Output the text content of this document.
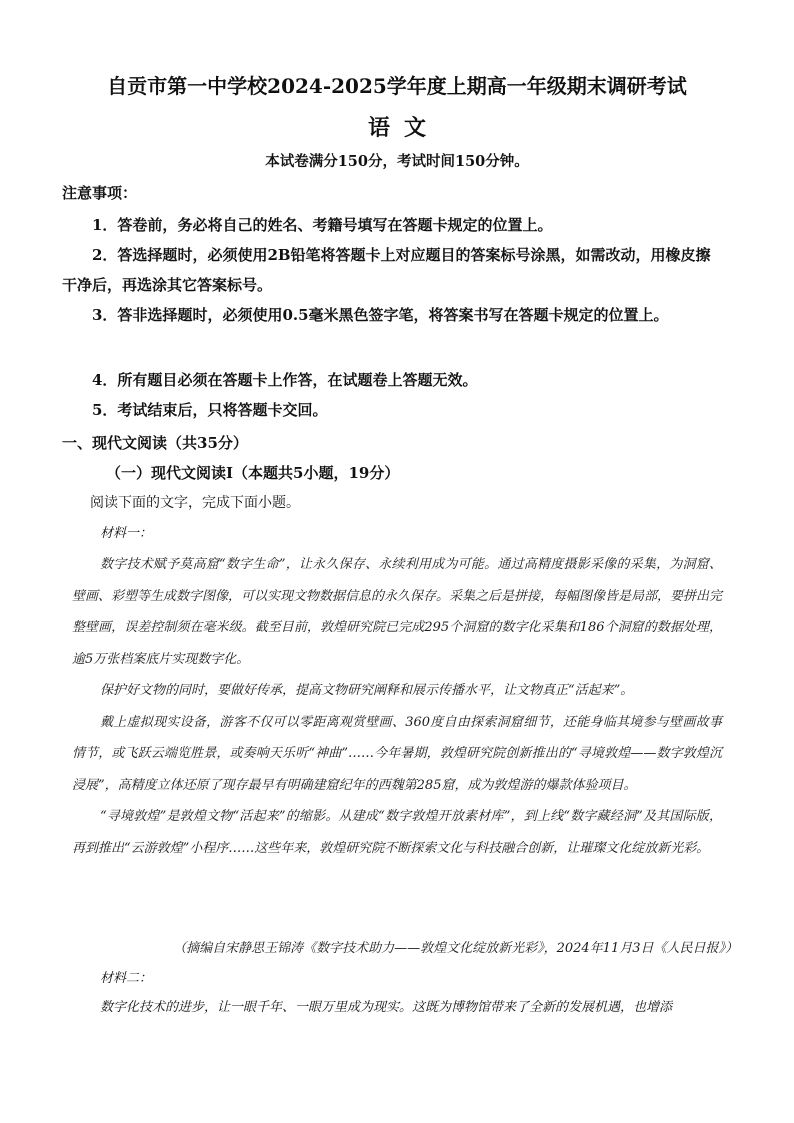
自贡市第一中学校2024-2025学年度上期高一年级期末调研考试
语文
本试卷满分150分，考试时间150分钟。
注意事项：
1．答卷前，务必将自己的姓名、考籍号填写在答题卡规定的位置上。
2．答选择题时，必须使用2B铅笔将答题卡上对应题目的答案标号涂黑，如需改动，用橡皮擦干净后，再选涂其它答案标号。
3．答非选择题时，必须使用0.5毫米黑色签字笔，将答案书写在答题卡规定的位置上。
4．所有题目必须在答题卡上作答，在试题卷上答题无效。
5．考试结束后，只将答题卡交回。
一、现代文阅读（共35分）
（一）现代文阅读I（本题共5小题，19分）
阅读下面的文字，完成下面小题。
材料一：

数字技术赋予莫高窟“数字生命”，让永久保存、永续利用成为可能。通过高精度摄影采像的采集，为洞窟、壁画、彩塑等生成数字图像，可以实现文物数据信息的永久保存。采集之后是拼接，每幅图像皆是局部，要拼出完整壁画，误差控制须在毫米级。截至目前，敦煌研究院已完成295个洞窟的数字化采集和186个洞窟的数据处理，逾5万张档案底片实现数字化。

保护好文物的同时，要做好传承，提高文物研究阐释和展示传播水平，让文物真正“活起来”。

戴上虚拟现实设备，游客不仅可以零距离观赏壁画、360度自由探索洞窟细节，还能身临其境参与壁画故事情节，或飞跃云端览胜景，或奏响天乐听“神曲”……今年暑期，敦煌研究院创新推出的“寻境敦煌——数字敦煌沉浸展”，高精度立体还原了现存最早有明确建窟纪年的西魏第285窟，成为敦煌游的爆款体验项目。

“寻境敦煌”是敦煌文物“活起来”的缩影。从建成“数字敦煌开放素材库”，到上线“数字藏经洞”及其国际版，再到推出“云游敦煌”小程序……这些年来，敦煌研究院不断探索文化与科技融合创新，让璀璨文化绽放新光彩。

（摘编自宋静思王锦涛《数字技术助力——敦煌文化绽放新光彩》，2024年11月3日《人民日报》）
材料二：
数字化技术的进步，让一眼千年、一眼万里成为现实。这既为博物馆带来了全新的发展机遇，也增添
